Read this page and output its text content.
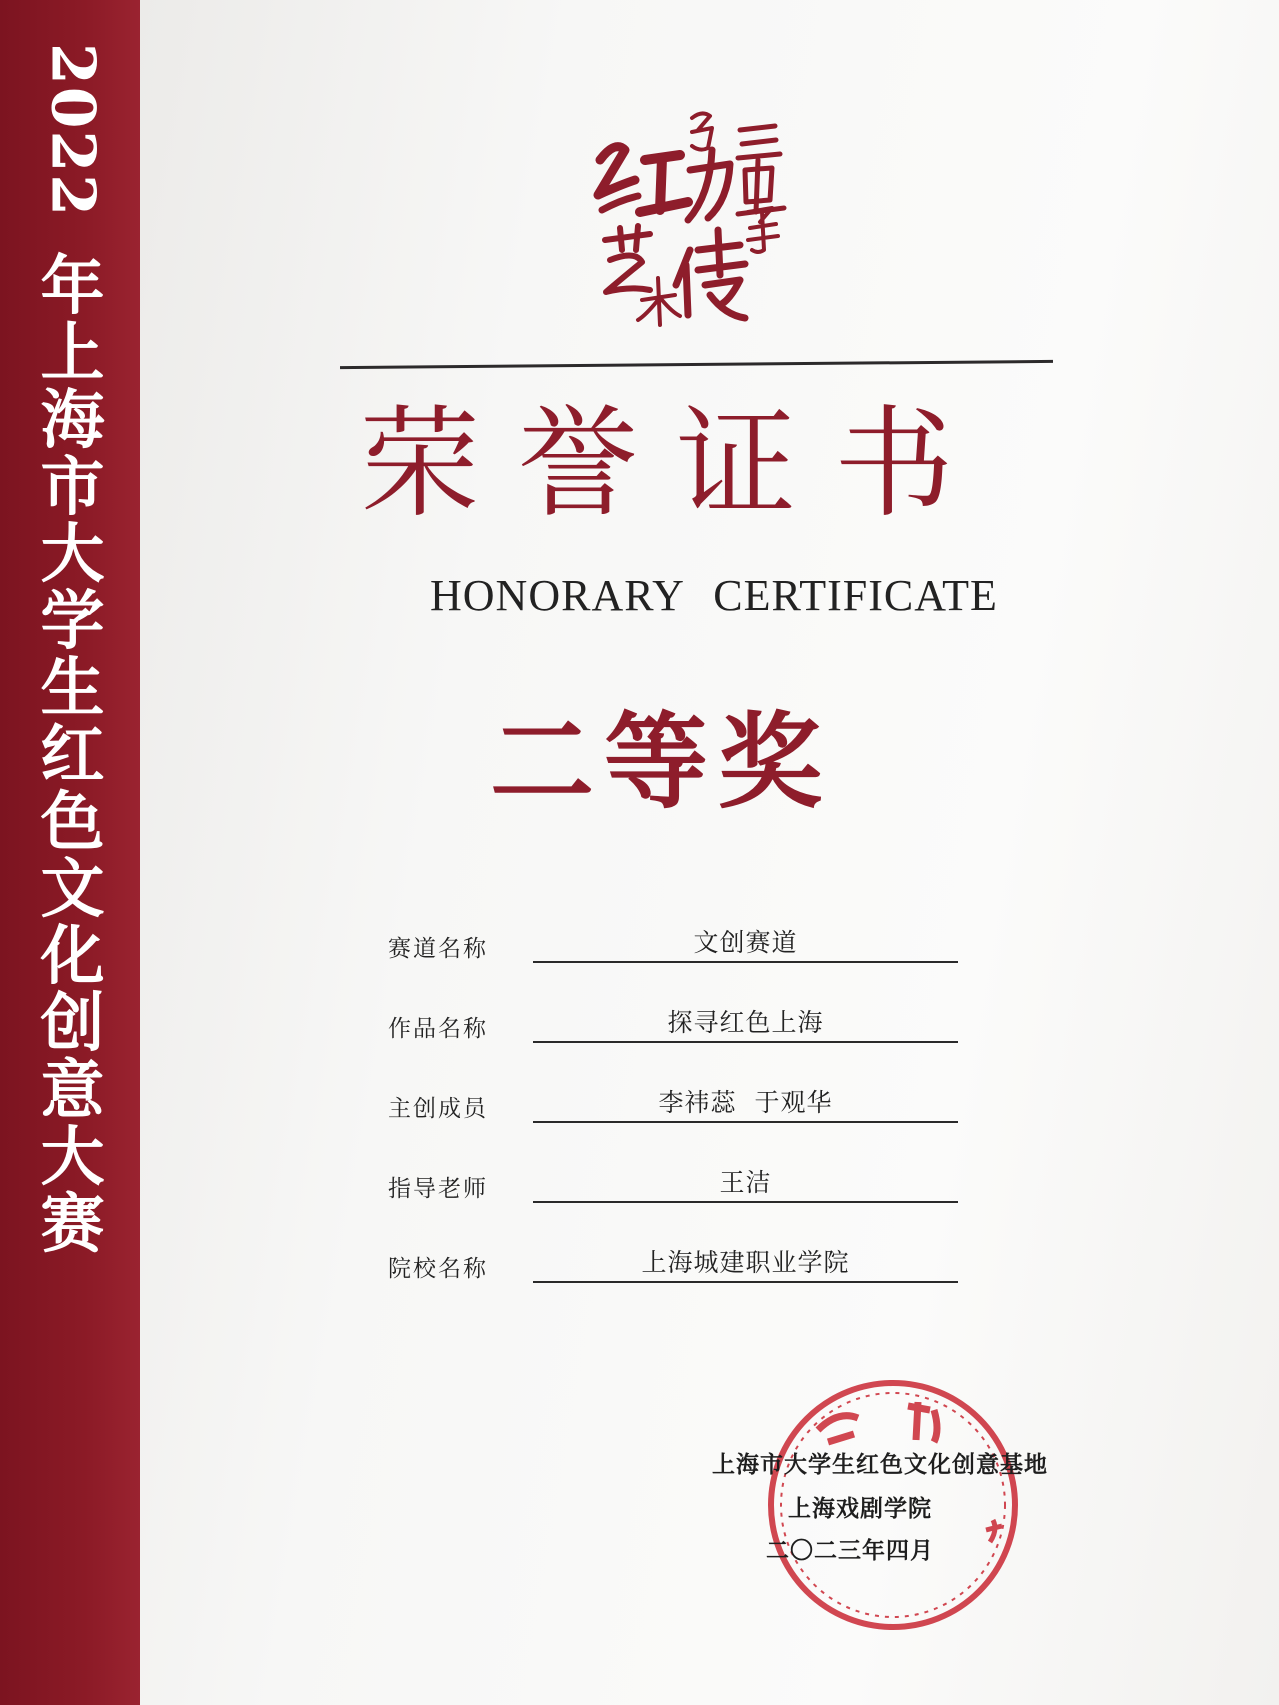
2022
年
上
海
市
大
学
生
红
色
文
化
创
意
大
赛
荣誉证书
HONORARY CERTIFICATE
二等奖
赛道名称	文创赛道
作品名称	探寻红色上海
主创成员	李祎蕊  于观华
指导老师	王洁
院校名称	上海城建职业学院
上海市大学生红色文化创意基地
上海戏剧学院
二〇二三年四月
